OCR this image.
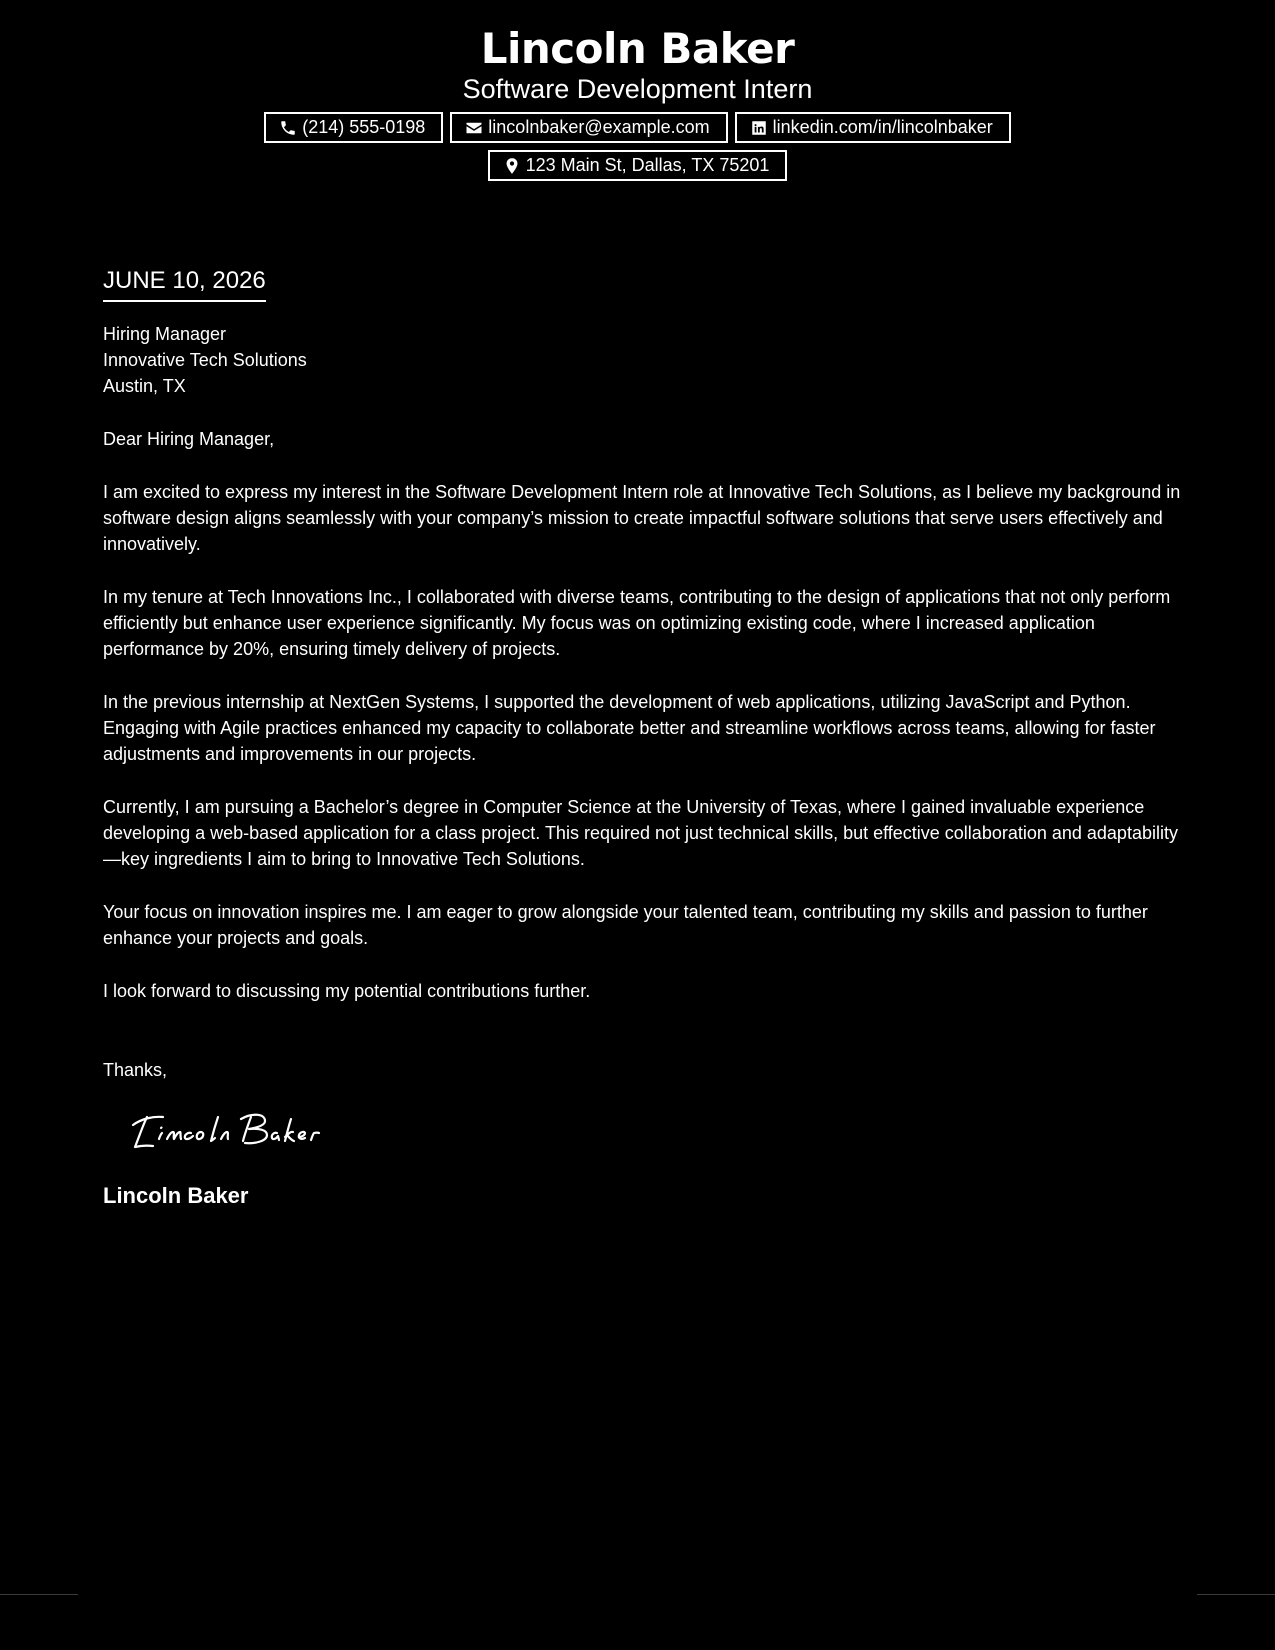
Lincoln Baker
Software Development Intern
(214) 555-0198	lincolnbaker@example.com	linkedin.com/in/lincolnbaker
123 Main St, Dallas, TX 75201
JUNE 10, 2026
Hiring Manager
Innovative Tech Solutions
Austin, TX
Dear Hiring Manager,
I am excited to express my interest in the Software Development Intern role at Innovative Tech Solutions, as I believe my background in software design aligns seamlessly with your company’s mission to create impactful software solutions that serve users effectively and innovatively.
In my tenure at Tech Innovations Inc., I collaborated with diverse teams, contributing to the design of applications that not only perform efficiently but enhance user experience significantly. My focus was on optimizing existing code, where I increased application performance by 20%, ensuring timely delivery of projects.
In the previous internship at NextGen Systems, I supported the development of web applications, utilizing JavaScript and Python. Engaging with Agile practices enhanced my capacity to collaborate better and streamline workflows across teams, allowing for faster adjustments and improvements in our projects.
Currently, I am pursuing a Bachelor’s degree in Computer Science at the University of Texas, where I gained invaluable experience developing a web-based application for a class project. This required not just technical skills, but effective collaboration and adaptability—key ingredients I aim to bring to Innovative Tech Solutions.
Your focus on innovation inspires me. I am eager to grow alongside your talented team, contributing my skills and passion to further enhance your projects and goals.
I look forward to discussing my potential contributions further.
Thanks,
Lincoln Baker
